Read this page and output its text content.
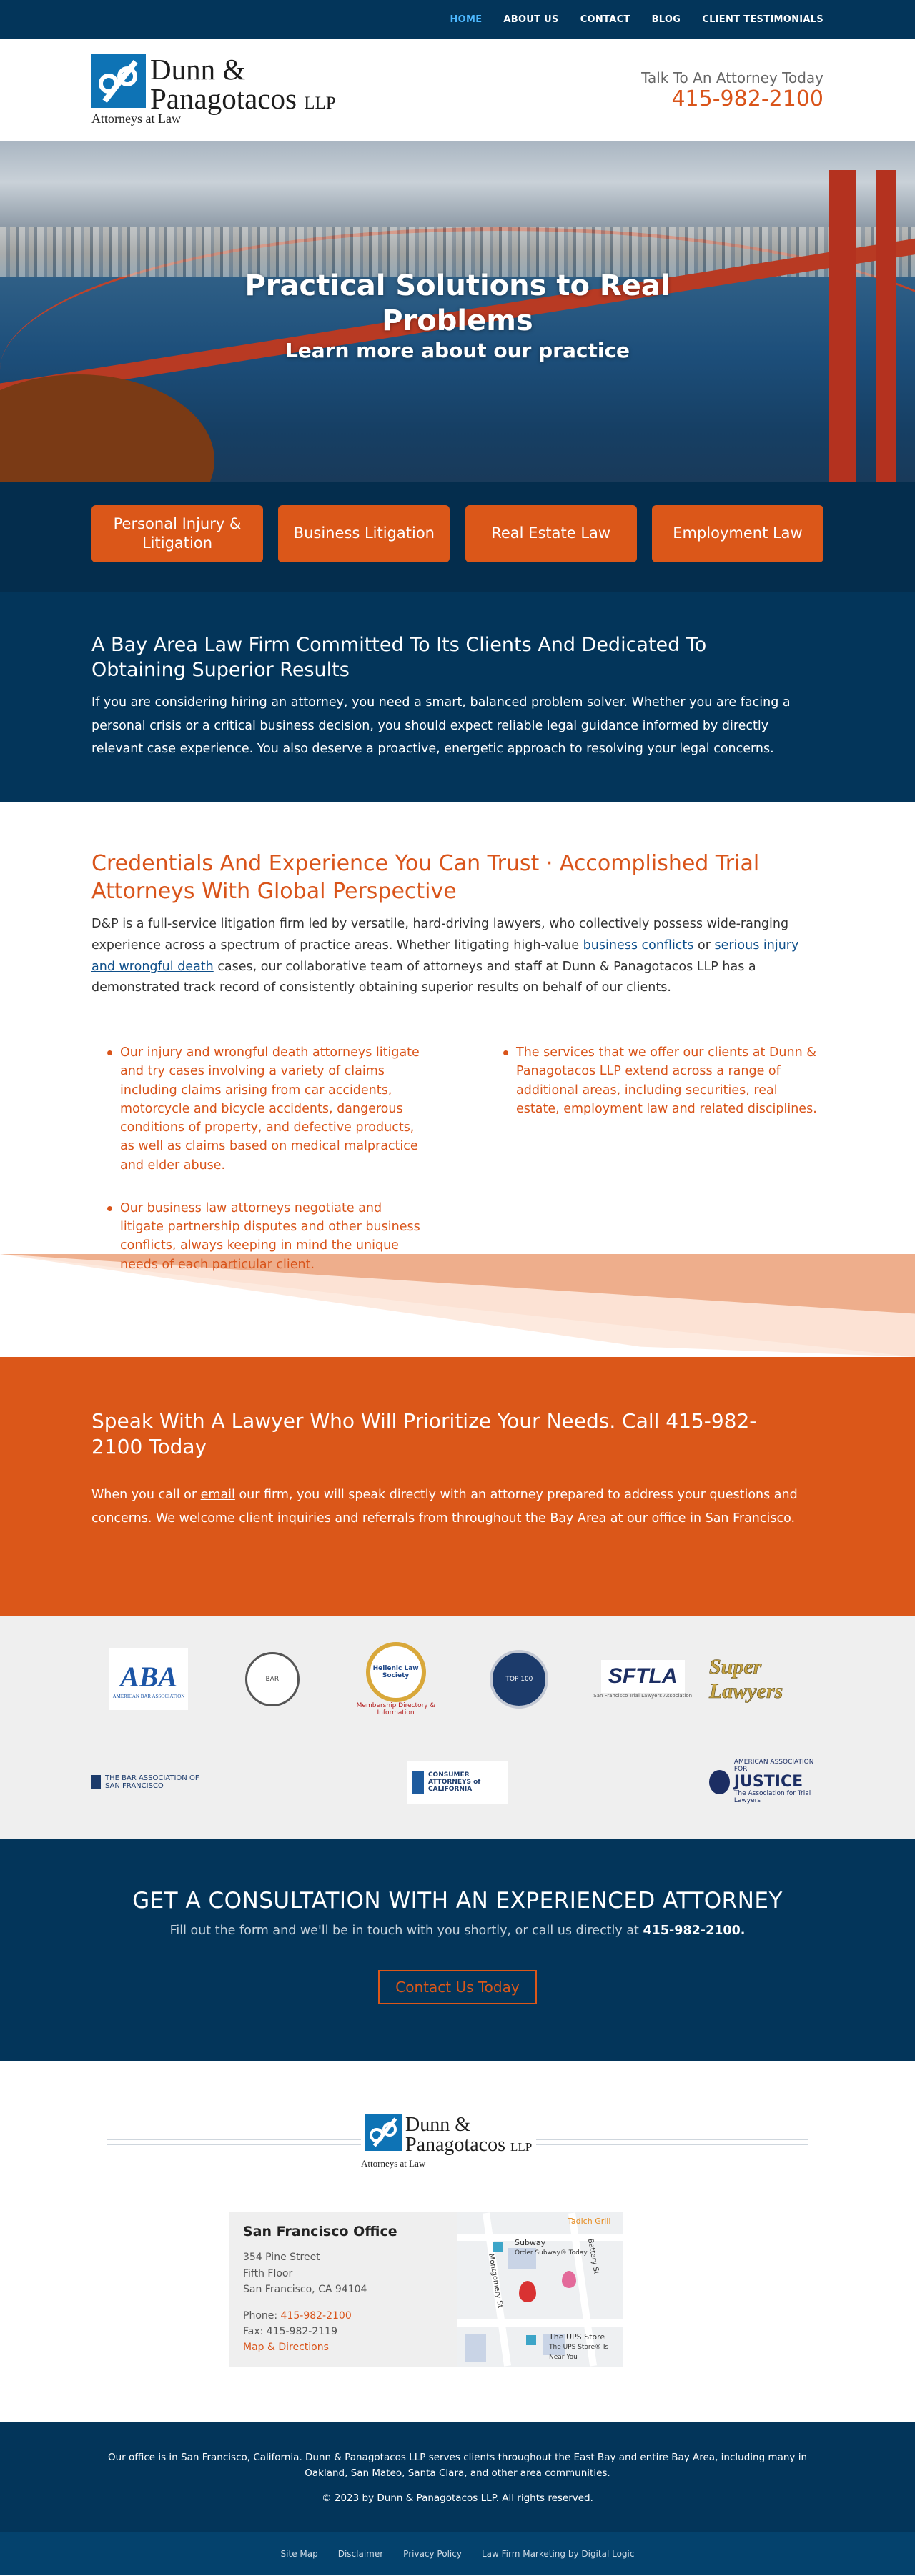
HOME ABOUT US CONTACT BLOG CLIENT TESTIMONIALS
Dunn &
Panagotacos LLP
Attorneys at Law
Talk To An Attorney Today
415-982-2100
Practical Solutions to Real Problems
Learn more about our practice
Personal Injury & Litigation
Business Litigation	Real Estate Law	Employment Law
A Bay Area Law Firm Committed To Its Clients And Dedicated To Obtaining Superior Results

If you are considering hiring an attorney, you need a smart, balanced problem solver. Whether you are facing a personal crisis or a critical business decision, you should expect reliable legal guidance informed by directly relevant case experience. You also deserve a proactive, energetic approach to resolving your legal concerns.

Credentials And Experience You Can Trust · Accomplished Trial Attorneys With Global Perspective

D&P is a full-service litigation firm led by versatile, hard-driving lawyers, who collectively possess wide-ranging experience across a spectrum of practice areas. Whether litigating high-value business conflicts or serious injury and wrongful death cases, our collaborative team of attorneys and staff at Dunn & Panagotacos LLP has a demonstrated track record of consistently obtaining superior results on behalf of our clients.

Our injury and wrongful death attorneys litigate and try cases involving a variety of claims including claims arising from car accidents, motorcycle and bicycle accidents, dangerous conditions of property, and defective products, as well as claims based on medical malpractice and elder abuse.
Our business law attorneys negotiate and litigate partnership disputes and other business conflicts, always keeping in mind the unique needs of each particular client.
The services that we offer our clients at Dunn & Panagotacos LLP extend across a range of additional areas, including securities, real estate, employment law and related disciplines.
Speak With A Lawyer Who Will Prioritize Your Needs. Call 415-982-2100 Today

When you call or email our firm, you will speak directly with an attorney prepared to address your questions and concerns. We welcome client inquiries and referrals from throughout the Bay Area at our office in San Francisco.

ABA
AMERICAN BAR ASSOCIATION
BAR
Hellenic Law Society
Membership Directory & Information
TOP 100	SFTLA
San Francisco Trial Lawyers Association
Super Lawyers
THE BAR ASSOCIATION OF SAN FRANCISCO
CONSUMER ATTORNEYS of CALIFORNIA
AMERICAN ASSOCIATION FOR
JUSTICE
The Association for Trial Lawyers
GET A CONSULTATION WITH AN EXPERIENCED ATTORNEY

Fill out the form and we'll be in touch with you shortly, or call us directly at 415-982-2100.

Contact Us Today
Dunn &
Panagotacos LLP
Attorneys at Law
San Francisco Office
354 Pine Street
Fifth Floor
San Francisco, CA 94104
Phone: 415-982-2100
Fax: 415-982-2119
Map & Directions
Tadich Grill
Subway
Order Subway® Today
The UPS Store
The UPS Store® Is Near You
Montgomery St	Battery St
Our office is in San Francisco, California. Dunn & Panagotacos LLP serves clients throughout the East Bay and entire Bay Area, including many in Oakland, San Mateo, Santa Clara, and other area communities.
© 2023 by Dunn & Panagotacos LLP. All rights reserved.
Site Map Disclaimer Privacy Policy Law Firm Marketing by Digital Logic
